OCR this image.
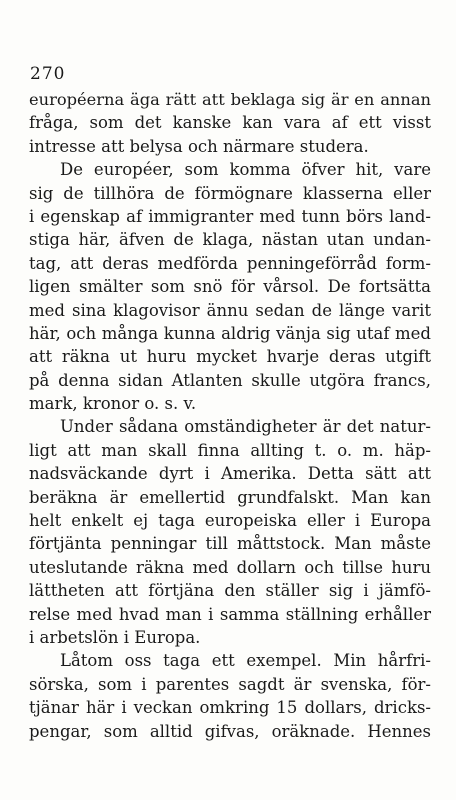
270
européerna äga rätt att beklaga sig är en annan
fråga, som det kanske kan vara af ett visst
intresse att belysa och närmare studera.
De européer, som komma öfver hit, vare
sig de tillhöra de förmögnare klasserna eller
i egenskap af immigranter med tunn börs land-
stiga här, äfven de klaga, nästan utan undan-
tag, att deras medförda penningeförråd form-
ligen smälter som snö för vårsol. De fortsätta
med sina klagovisor ännu sedan de länge varit
här, och många kunna aldrig vänja sig utaf med
att räkna ut huru mycket hvarje deras utgift
på denna sidan Atlanten skulle utgöra francs,
mark, kronor o. s. v.
Under sådana omständigheter är det natur-
ligt att man skall finna allting t. o. m. häp-
nadsväckande dyrt i Amerika. Detta sätt att
beräkna är emellertid grundfalskt. Man kan
helt enkelt ej taga europeiska eller i Europa
förtjänta penningar till måttstock. Man måste
uteslutande räkna med dollarn och tillse huru
lättheten att förtjäna den ställer sig i jämfö-
relse med hvad man i samma ställning erhåller
i arbetslön i Europa.
Låtom oss taga ett exempel. Min hårfri-
sörska, som i parentes sagdt är svenska, för-
tjänar här i veckan omkring 15 dollars, dricks-
pengar, som alltid gifvas, oräknade. Hennes
